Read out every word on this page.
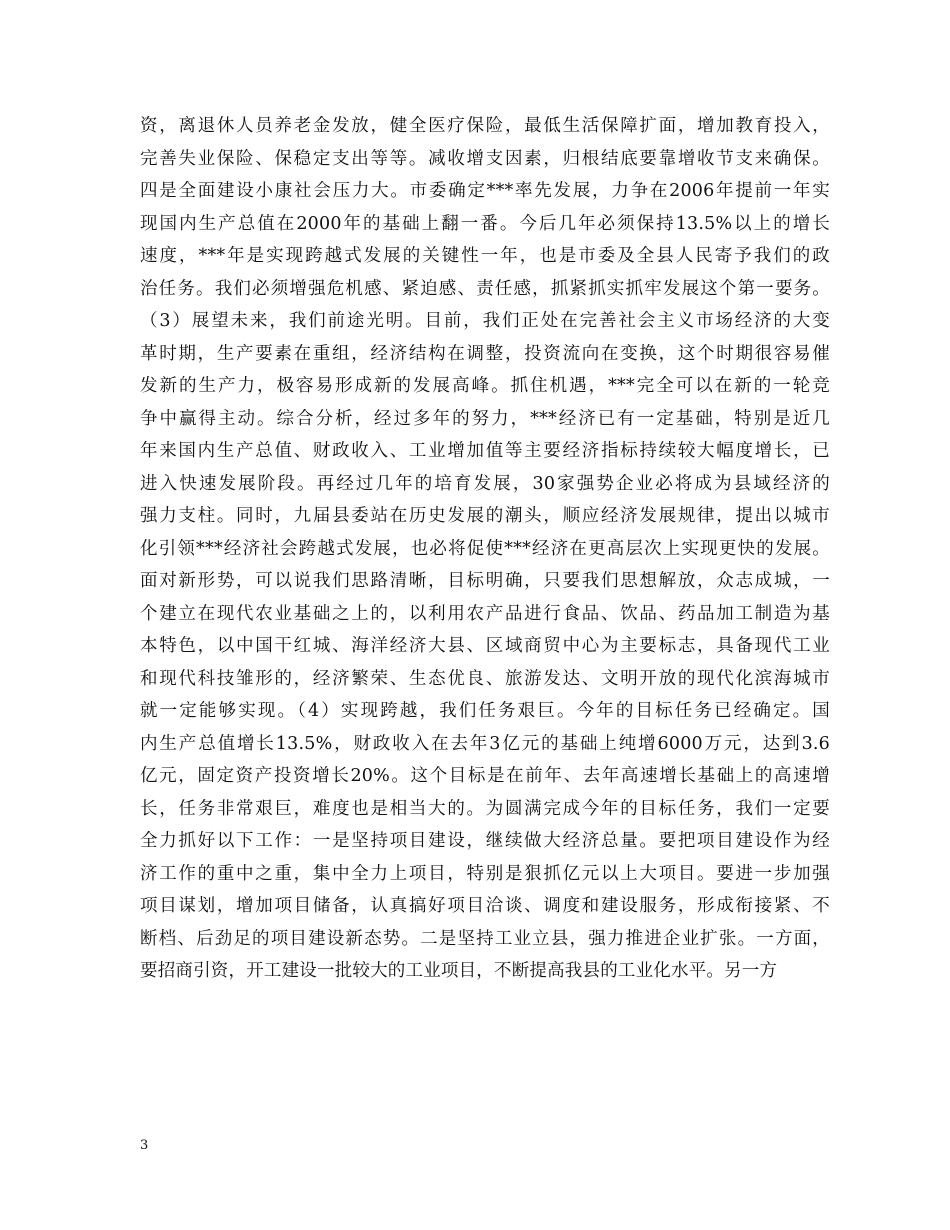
资，离退休人员养老金发放，健全医疗保险，最低生活保障扩面，增加教育投入，
完善失业保险、保稳定支出等等。减收增支因素，归根结底要靠增收节支来确保。
四是全面建设小康社会压力大。市委确定***率先发展，力争在2006年提前一年实
现国内生产总值在2000年的基础上翻一番。今后几年必须保持13.5%以上的增长
速度，***年是实现跨越式发展的关键性一年，也是市委及全县人民寄予我们的政
治任务。我们必须增强危机感、紧迫感、责任感，抓紧抓实抓牢发展这个第一要务。
（3）展望未来，我们前途光明。目前，我们正处在完善社会主义市场经济的大变
革时期，生产要素在重组，经济结构在调整，投资流向在变换，这个时期很容易催
发新的生产力，极容易形成新的发展高峰。抓住机遇，***完全可以在新的一轮竞
争中赢得主动。综合分析，经过多年的努力，***经济已有一定基础，特别是近几
年来国内生产总值、财政收入、工业增加值等主要经济指标持续较大幅度增长，已
进入快速发展阶段。再经过几年的培育发展，30家强势企业必将成为县域经济的
强力支柱。同时，九届县委站在历史发展的潮头，顺应经济发展规律，提出以城市
化引领***经济社会跨越式发展，也必将促使***经济在更高层次上实现更快的发展。
面对新形势，可以说我们思路清晰，目标明确，只要我们思想解放，众志成城，一
个建立在现代农业基础之上的，以利用农产品进行食品、饮品、药品加工制造为基
本特色，以中国干红城、海洋经济大县、区域商贸中心为主要标志，具备现代工业
和现代科技雏形的，经济繁荣、生态优良、旅游发达、文明开放的现代化滨海城市
就一定能够实现。（4）实现跨越，我们任务艰巨。今年的目标任务已经确定。国
内生产总值增长13.5%，财政收入在去年3亿元的基础上纯增6000万元，达到3.6
亿元，固定资产投资增长20%。这个目标是在前年、去年高速增长基础上的高速增
长，任务非常艰巨，难度也是相当大的。为圆满完成今年的目标任务，我们一定要
全力抓好以下工作：一是坚持项目建设，继续做大经济总量。要把项目建设作为经
济工作的重中之重，集中全力上项目，特别是狠抓亿元以上大项目。要进一步加强
项目谋划，增加项目储备，认真搞好项目洽谈、调度和建设服务，形成衔接紧、不
断档、后劲足的项目建设新态势。二是坚持工业立县，强力推进企业扩张。一方面，
要招商引资，开工建设一批较大的工业项目，不断提高我县的工业化水平。另一方
3
